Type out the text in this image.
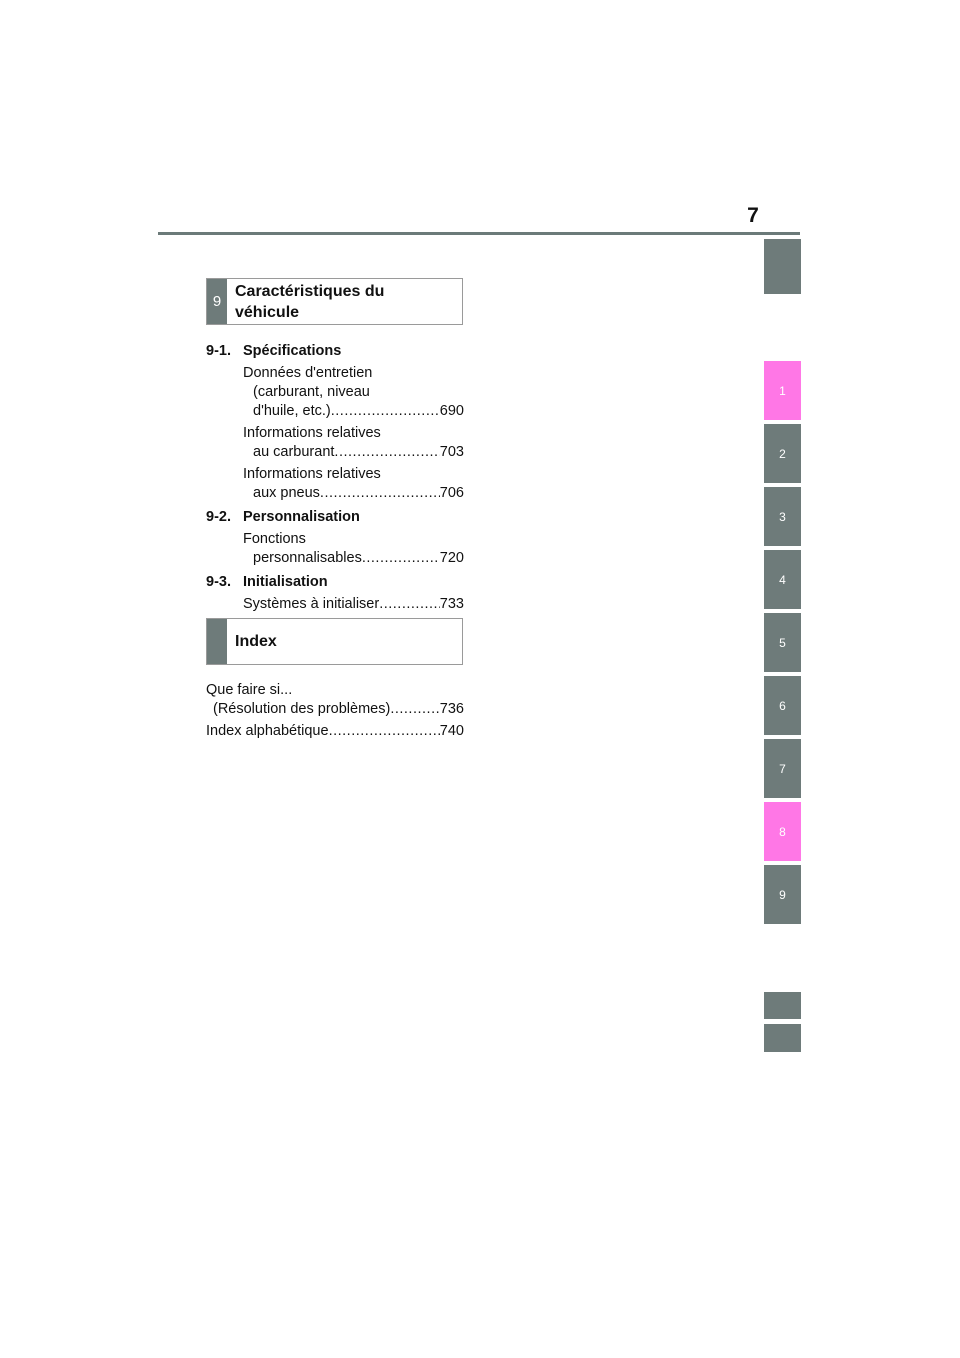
7
1
2
3
4
5
6
7
8
9
9
Caractéristiques du
véhicule
9-1. Spécifications
Données d'entretien
(carburant, niveau
d'huile, etc.) .....	690
Informations relatives
au carburant .....	703
Informations relatives
aux pneus .....	706
9-2. Personnalisation
Fonctions
personnalisables .....	720
9-3. Initialisation
Systèmes à initialiser .....	733
Index
Que faire si...
(Résolution des problèmes) .....	736
Index alphabétique .....	740
